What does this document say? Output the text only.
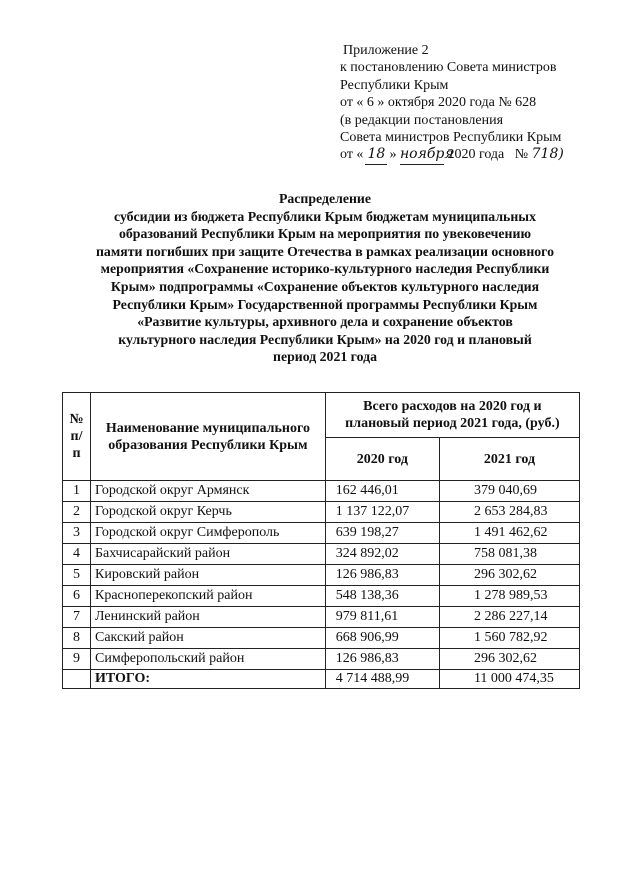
Приложение 2
к постановлению Совета министров
Республики Крым
от « 6 » октября 2020 года № 628
(в редакции постановления
Совета министров Республики Крым
от « 18 » ноября 2020 года № 718)
Распределение
субсидии из бюджета Республики Крым бюджетам муниципальных
образований Республики Крым на мероприятия по увековечению
памяти погибших при защите Отечества в рамках реализации основного
мероприятия «Сохранение историко-культурного наследия Республики
Крым» подпрограммы «Сохранение объектов культурного наследия
Республики Крым» Государственной программы Республики Крым
«Развитие культуры, архивного дела и сохранение объектов
культурного наследия Республики Крым» на 2020 год и плановый
период 2021 года
№ п/п	Наименование муниципального образования Республики Крым	Всего расходов на 2020 год и плановый период 2021 года, (руб.)	
		2020 год	2021 год
1	Городской округ Армянск	162 446,01	379 040,69
2	Городской округ Керчь	1 137 122,07	2 653 284,83
3	Городской округ Симферополь	639 198,27	1 491 462,62
4	Бахчисарайский район	324 892,02	758 081,38
5	Кировский район	126 986,83	296 302,62
6	Красноперекопский район	548 138,36	1 278 989,53
7	Ленинский район	979 811,61	2 286 227,14
8	Сакский район	668 906,99	1 560 782,92
9	Симферопольский район	126 986,83	296 302,62
	ИТОГО:	4 714 488,99	11 000 474,35
